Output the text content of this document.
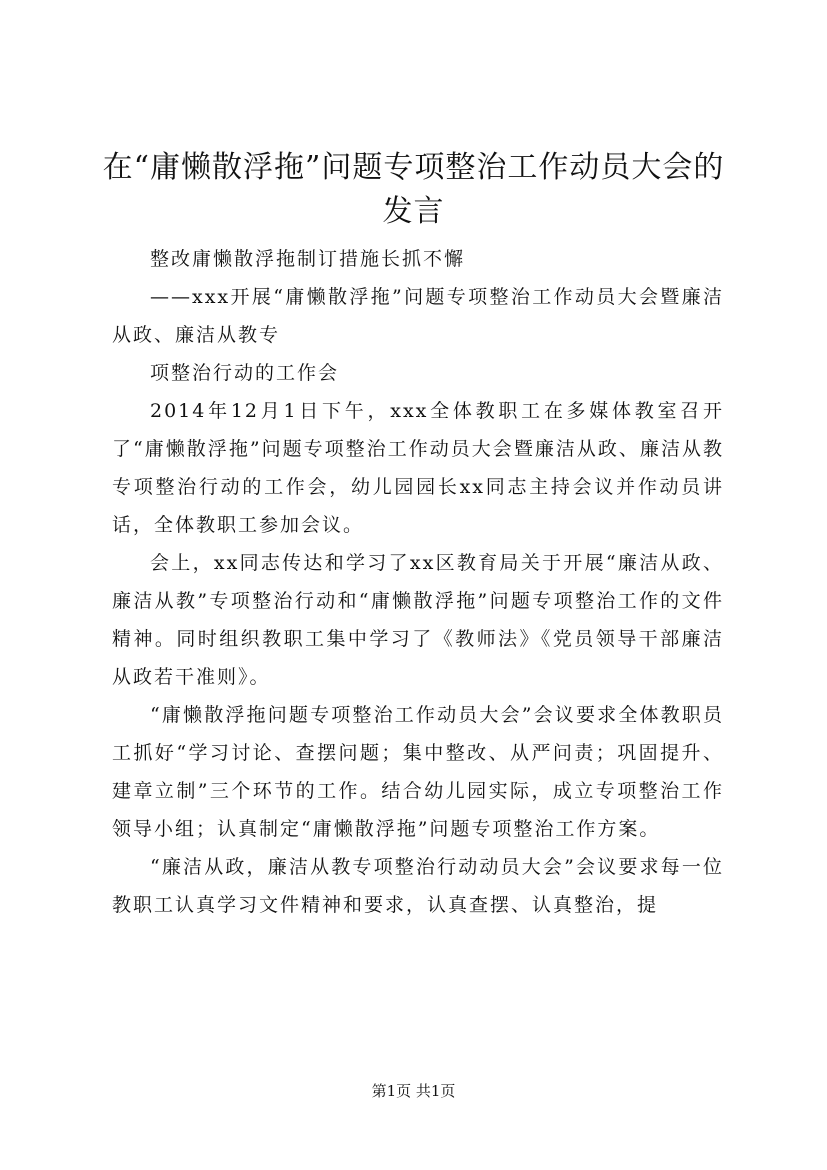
在“庸懒散浮拖”问题专项整治工作动员大会的发言

整改庸懒散浮拖制订措施长抓不懈

——xxx开展“庸懒散浮拖”问题专项整治工作动员大会暨廉洁从政、廉洁从教专

项整治行动的工作会

2014年12月1日下午，xxx全体教职工在多媒体教室召开了“庸懒散浮拖”问题专项整治工作动员大会暨廉洁从政、廉洁从教专项整治行动的工作会，幼儿园园长xx同志主持会议并作动员讲话，全体教职工参加会议。

会上，xx同志传达和学习了xx区教育局关于开展“廉洁从政、廉洁从教”专项整治行动和“庸懒散浮拖”问题专项整治工作的文件精神。同时组织教职工集中学习了《教师法》《党员领导干部廉洁从政若干准则》。

“庸懒散浮拖问题专项整治工作动员大会”会议要求全体教职员工抓好“学习讨论、查摆问题；集中整改、从严问责；巩固提升、建章立制”三个环节的工作。结合幼儿园实际，成立专项整治工作领导小组；认真制定“庸懒散浮拖”问题专项整治工作方案。

“廉洁从政，廉洁从教专项整治行动动员大会”会议要求每一位教职工认真学习文件精神和要求，认真查摆、认真整治，提

第1页 共1页
